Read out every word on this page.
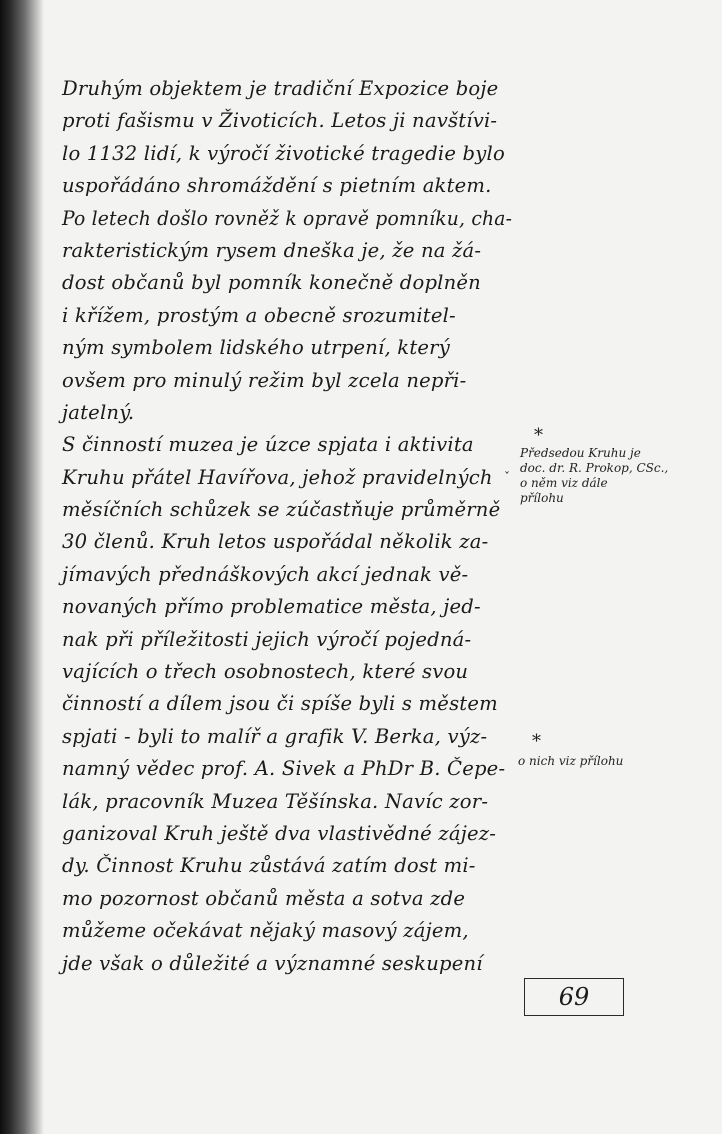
Druhým objektem je tradiční Expozice boje
proti fašismu v Životicích. Letos ji navštívi-
lo 1132 lidí, k výročí životické tragedie bylo
uspořádáno shromáždění s pietním aktem.
Po letech došlo rovněž k opravě pomníku, cha-
rakteristickým rysem dneška je, že na žá-
dost občanů byl pomník konečně doplněn
i křížem, prostým a obecně srozumitel-
ným symbolem lidského utrpení, který
ovšem pro minulý režim byl zcela nepři-
jatelný.
S činností muzea je úzce spjata i aktivita
Kruhu přátel Havířova, jehož pravidelných
měsíčních schůzek se zúčastňuje průměrně
30 členů. Kruh letos uspořádal několik za-
jímavých přednáškových akcí jednak vě-
novaných přímo problematice města, jed-
nak při příležitosti jejich výročí pojedná-
vajících o třech osobnostech, které svou
činností a dílem jsou či spíše byli s městem
spjati - byli to malíř a grafik V. Berka, výz-
namný vědec prof. A. Sivek a PhDr B. Čepe-
lák, pracovník Muzea Těšínska. Navíc zor-
ganizoval Kruh ještě dva vlastivědné zájez-
dy. Činnost Kruhu zůstává zatím dost mi-
mo pozornost občanů města a sotva zde
můžeme očekávat nějaký masový zájem,
jde však o důležité a významné seskupení
ˇ
*
Předsedou Kruhu je
doc. dr. R. Prokop, CSc.,
o něm viz dále
přílohu
*
o nich viz přílohu
69
